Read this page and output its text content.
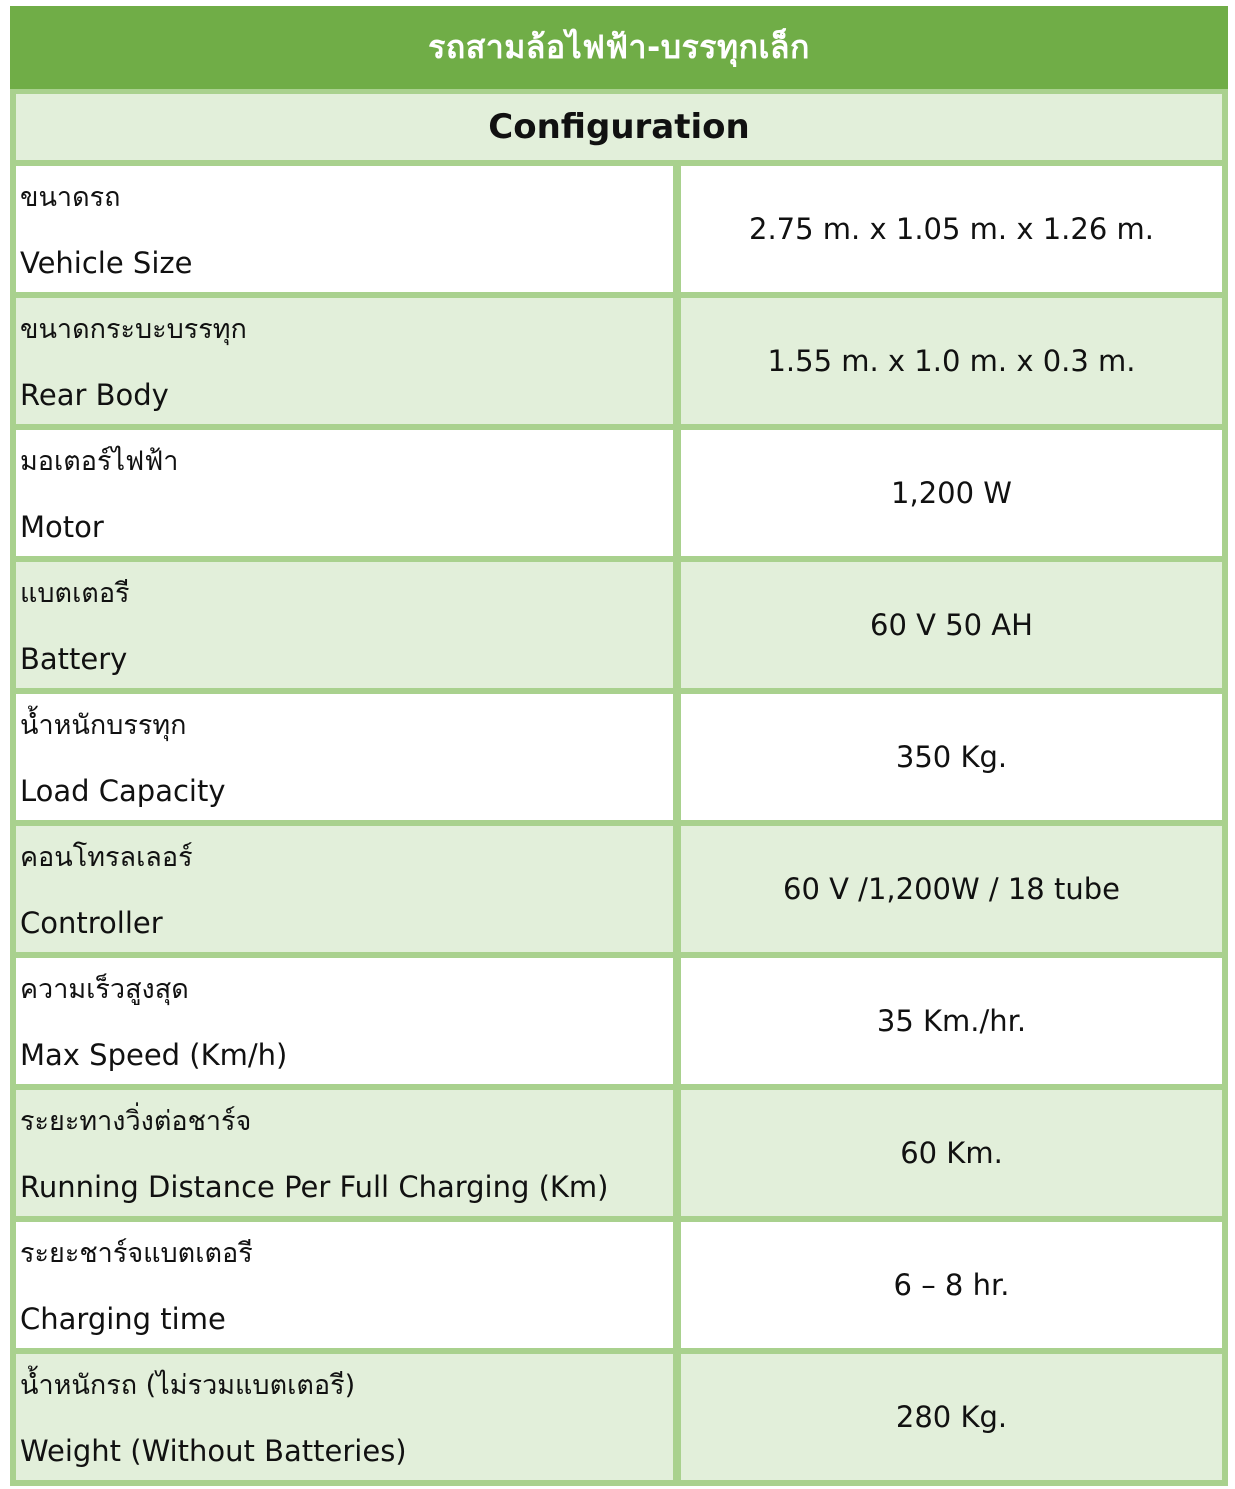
รถสามล้อไฟฟ้า-บรรทุกเล็ก
Configuration
ขนาดรถ
Vehicle Size
2.75 m. x 1.05 m. x 1.26 m.
ขนาดกระบะบรรทุก
Rear Body
1.55 m. x 1.0 m. x 0.3 m.
มอเตอร์ไฟฟ้า
Motor
1,200 W
แบตเตอรี
Battery
60 V 50 AH
น้ำหนักบรรทุก
Load Capacity
350 Kg.
คอนโทรลเลอร์
Controller
60 V /1,200W / 18 tube
ความเร็วสูงสุด
Max Speed (Km/h)
35 Km./hr.
ระยะทางวิ่งต่อชาร์จ
Running Distance Per Full Charging (Km)
60 Km.
ระยะชาร์จแบตเตอรี
Charging time
6 – 8 hr.
น้ำหนักรถ (ไม่รวมแบตเตอรี)
Weight (Without Batteries)
280 Kg.
